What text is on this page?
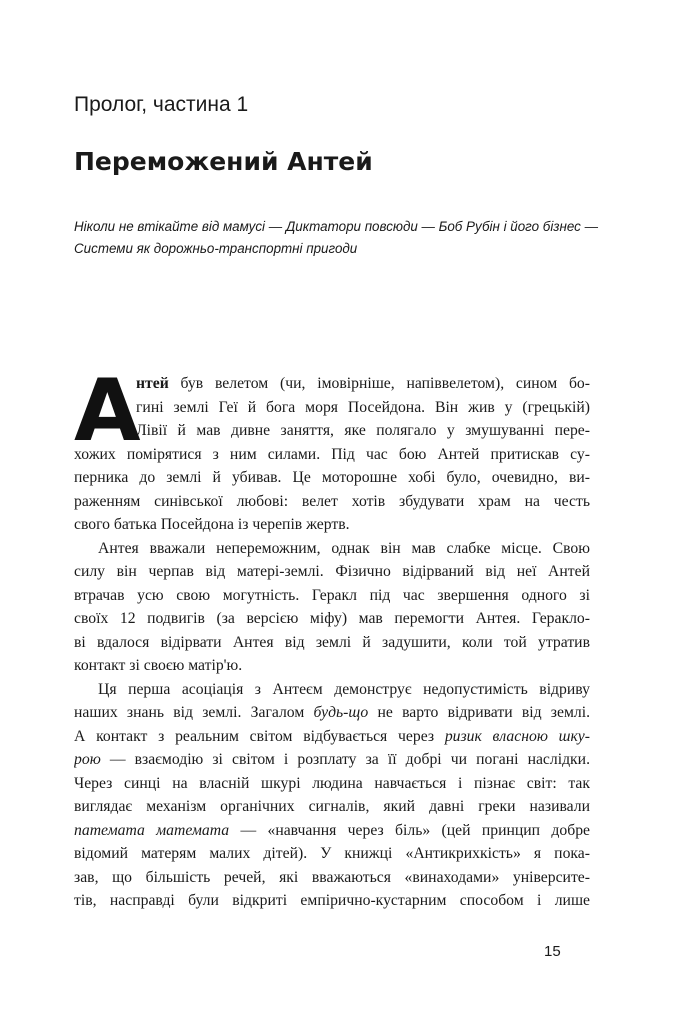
Пролог, частина 1
Переможений Антей
Ніколи не втікайте від мамусі — Диктатори повсюди — Боб Рубін і його бізнес —
Системи як дорожньо-транспортні пригоди
А
нтей був велетом (чи, імовірніше, напіввелетом), сином бо-
гині землі Геї й бога моря Посейдона. Він жив у (грецькій)
Лівії й мав дивне заняття, яке полягало у змушуванні пере-
хожих помірятися з ним силами. Під час бою Антей притискав су-
перника до землі й убивав. Це моторошне хобі було, очевидно, ви-
раженням синівської любові: велет хотів збудувати храм на честь
свого батька Посейдона із черепів жертв.
Антея вважали непереможним, однак він мав слабке місце. Свою
силу він черпав від матері-землі. Фізично відірваний від неї Антей
втрачав усю свою могутність. Геракл під час звершення одного зі
своїх 12 подвигів (за версією міфу) мав перемогти Антея. Гераклo-
ві вдалося відірвати Антея від землі й задушити, коли той утратив
контакт зі своєю матір'ю.
Ця перша асоціація з Антеєм демонструє недопустимість відриву
наших знань від землі. Загалом будь-що не варто відривати від землі.
А контакт з реальним світом відбувається через ризик власною шку-
рою — взаємодію зі світом і розплату за її добрі чи погані наслідки.
Через синці на власній шкурі людина навчається і пізнає світ: так
виглядає механізм органічних сигналів, який давні греки називали
патемата математа — «навчання через біль» (цей принцип добре
відомий матерям малих дітей). У книжці «Антикрихкість» я пока-
зав, що більшість речей, які вважаються «винаходами» університе-
тів, насправді були відкриті емпірично-кустарним способом і лише
15
